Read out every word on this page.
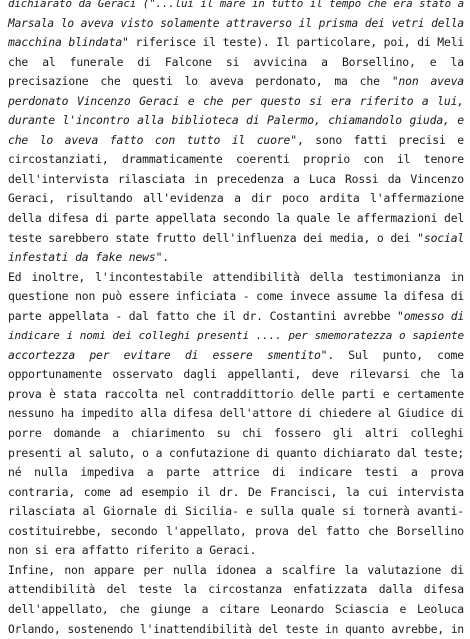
dichiarato da Geraci ("...lui il mare in tutto il tempo che era stato a
Marsala lo aveva visto solamente attraverso il prisma dei vetri della
macchina blindata" riferisce il teste). Il particolare, poi, di Meli
che al funerale di Falcone si avvicina a Borsellino, e la
precisazione che questi lo aveva perdonato, ma che "non aveva
perdonato Vincenzo Geraci e che per questo si era riferito a lui,
durante l'incontro alla biblioteca di Palermo, chiamandolo giuda, e
che lo aveva fatto con tutto il cuore", sono fatti precisi e
circostanziati, drammaticamente coerenti proprio con il tenore
dell'intervista rilasciata in precedenza a Luca Rossi da Vincenzo
Geraci, risultando all'evidenza a dir poco ardita l'affermazione
della difesa di parte appellata secondo la quale le affermazioni del
teste sarebbero state frutto dell'influenza dei media, o dei "social
infestati da fake news".
Ed inoltre, l'incontestabile attendibilità della testimonianza in
questione non può essere inficiata - come invece assume la difesa di
parte appellata - dal fatto che il dr. Costantini avrebbe "omesso di
indicare i nomi dei colleghi presenti .... per smemoratezza o sapiente
accortezza per evitare di essere smentito". Sul punto, come
opportunamente osservato dagli appellanti, deve rilevarsi che la
prova è stata raccolta nel contraddittorio delle parti e certamente
nessuno ha impedito alla difesa dell'attore di chiedere al Giudice di
porre domande a chiarimento su chi fossero gli altri colleghi
presenti al saluto, o a confutazione di quanto dichiarato dal teste;
né nulla impediva a parte attrice di indicare testi a prova
contraria, come ad esempio il dr. De Francisci, la cui intervista
rilasciata al Giornale di Sicilia- e sulla quale si tornerà avanti-
costituirebbe, secondo l'appellato, prova del fatto che Borsellino
non si era affatto riferito a Geraci.
Infine, non appare per nulla idonea a scalfire la valutazione di
attendibilità del teste la circostanza enfatizzata dalla difesa
dell'appellato, che giunge a citare Leonardo Sciascia e Leoluca
Orlando, sostenendo l'inattendibilità del teste in quanto avrebbe, in
